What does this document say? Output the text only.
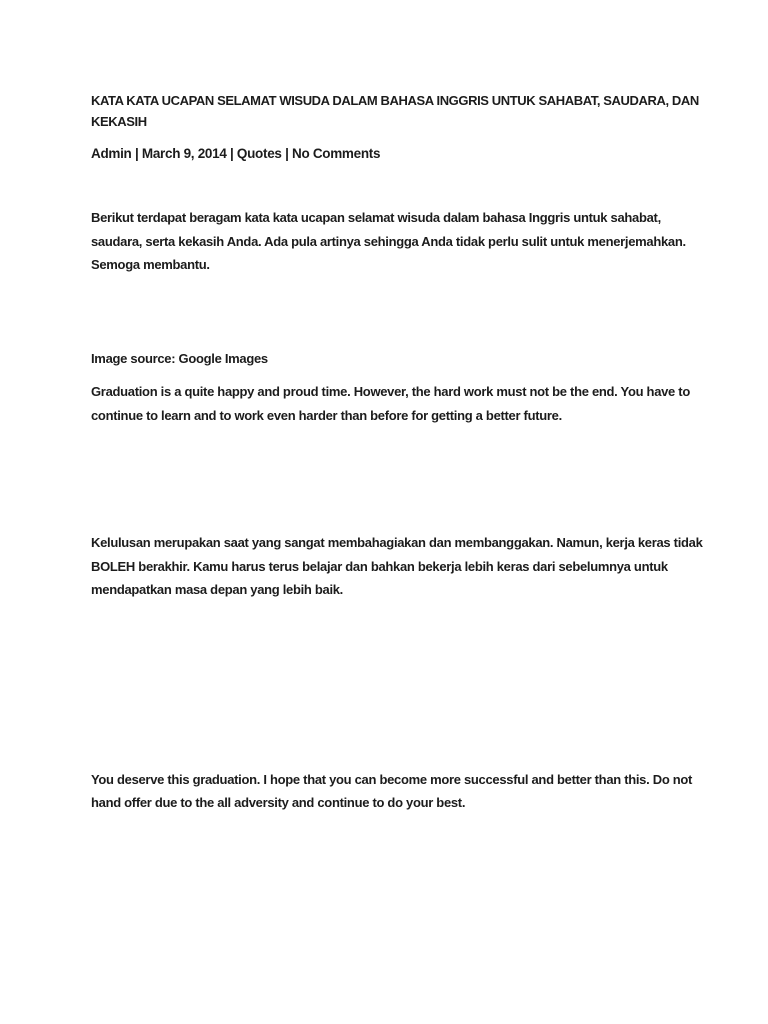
KATA KATA UCAPAN SELAMAT WISUDA DALAM BAHASA INGGRIS UNTUK SAHABAT, SAUDARA, DAN
KEKASIH
Admin | March 9, 2014 | Quotes | No Comments
Berikut terdapat beragam kata kata ucapan selamat wisuda dalam bahasa Inggris untuk sahabat,
saudara, serta kekasih Anda. Ada pula artinya sehingga Anda tidak perlu sulit untuk menerjemahkan.
Semoga membantu.
Image source: Google Images
Graduation is a quite happy and proud time. However, the hard work must not be the end. You have to
continue to learn and to work even harder than before for getting a better future.
Kelulusan merupakan saat yang sangat membahagiakan dan membanggakan. Namun, kerja keras tidak
BOLEH berakhir. Kamu harus terus belajar dan bahkan bekerja lebih keras dari sebelumnya untuk
mendapatkan masa depan yang lebih baik.
You deserve this graduation. I hope that you can become more successful and better than this. Do not
hand offer due to the all adversity and continue to do your best.
